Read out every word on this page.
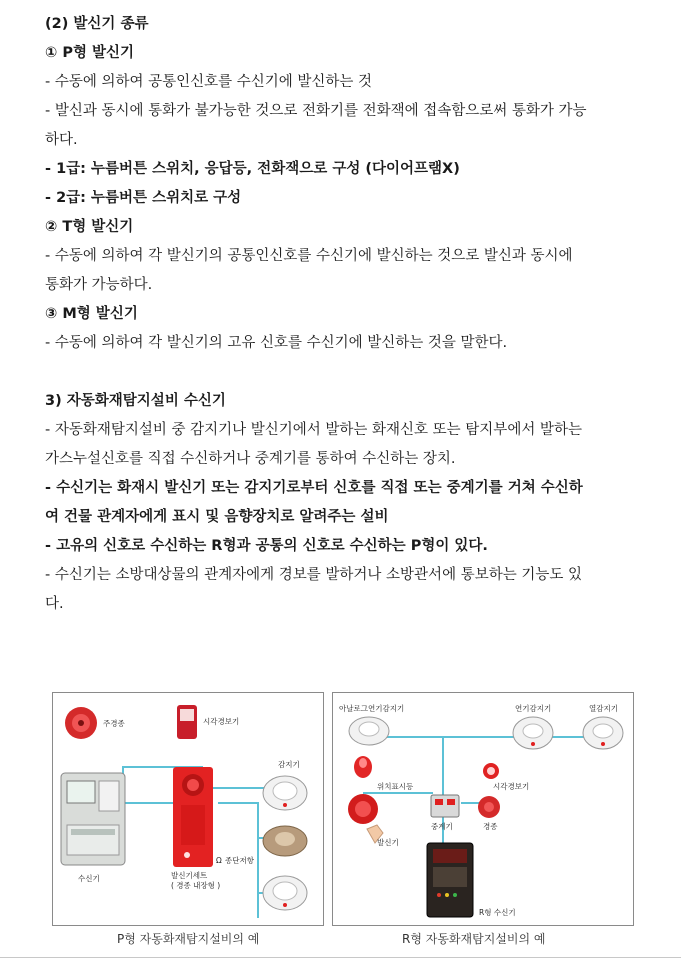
(2) 발신기 종류

① P형 발신기

- 수동에 의하여 공통인신호를 수신기에 발신하는 것

- 발신과 동시에 통화가 불가능한 것으로 전화기를 전화잭에 접속함으로써 통화가 가능

하다.

- 1급: 누름버튼 스위치, 응답등, 전화잭으로 구성 (다이어프램X)

- 2급: 누름버튼 스위치로 구성

② T형 발신기

- 수동에 의하여 각 발신기의 공통인신호를 수신기에 발신하는 것으로 발신과 동시에

통화가 가능하다.

③ M형 발신기

- 수동에 의하여 각 발신기의 고유 신호를 수신기에 발신하는 것을 말한다.

3) 자동화재탐지설비 수신기

- 자동화재탐지설비 중 감지기나 발신기에서 발하는 화재신호 또는 탐지부에서 발하는

가스누설신호를 직접 수신하거나 중계기를 통하여 수신하는 장치.

- 수신기는 화재시 발신기 또는 감지기로부터 신호를 직접 또는 중계기를 거쳐 수신하

여 건물 관계자에게 표시 및 음향장치로 알려주는 설비

- 고유의 신호로 수신하는 R형과 공통의 신호로 수신하는 P형이 있다.

- 수신기는 소방대상물의 관계자에게 경보를 발하거나 소방관서에 통보하는 기능도 있

다.

주경종	시각경보기
수신기	발신기세트
( 경종 내장형 )
Ω 종단저항
감지기
아날로그연기감지기	연기감지기	열감지기
위치표시등
발신기
중계기
시각경보기
경종
R형 수신기
P형 자동화재탐지설비의 예	R형 자동화재탐지설비의 예
